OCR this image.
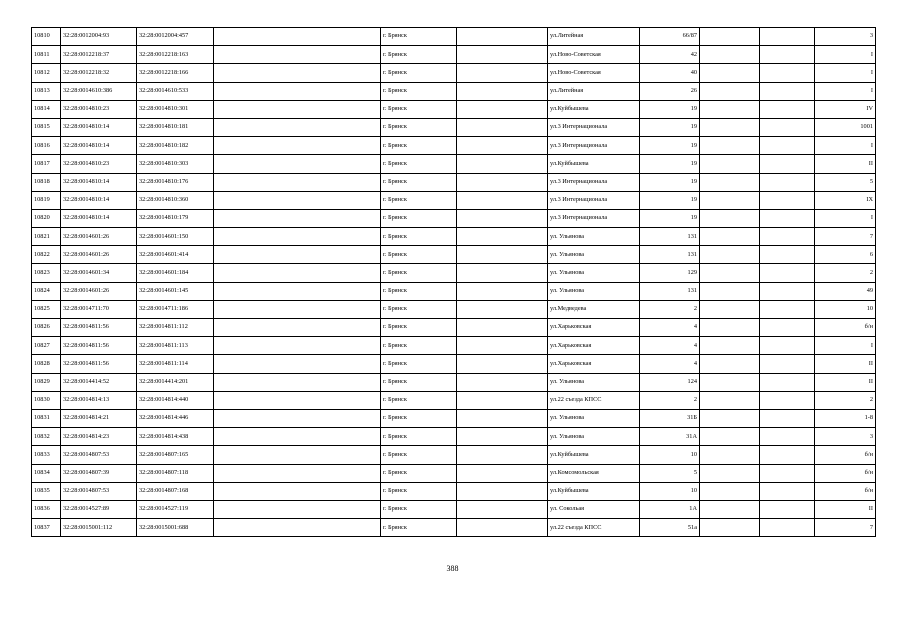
10810	32:28:0012004:93	32:28:0012004:457		г. Брянск		ул.Литейная	66/87			3
10811	32:28:0012218:37	32:28:0012218:163		г. Брянск		ул.Ново-Советская	42			I
10812	32:28:0012218:32	32:28:0012218:166		г. Брянск		ул.Ново-Советская	40			I
10813	32:28:0014610:386	32:28:0014610:533		г. Брянск		ул.Литейная	26			I
10814	32:28:0014810:23	32:28:0014810:301		г. Брянск		ул.Куйбышева	19			IV
10815	32:28:0014810:14	32:28:0014810:181		г. Брянск		ул.3 Интернационала	19			1001
10816	32:28:0014810:14	32:28:0014810:182		г. Брянск		ул.3 Интернационала	19			I
10817	32:28:0014810:23	32:28:0014810:303		г. Брянск		ул.Куйбышева	19			II
10818	32:28:0014810:14	32:28:0014810:176		г. Брянск		ул.3 Интернационала	19			5
10819	32:28:0014810:14	32:28:0014810:360		г. Брянск		ул.3 Интернационала	19			IX
10820	32:28:0014810:14	32:28:0014810:179		г. Брянск		ул.3 Интернационала	19			I
10821	32:28:0014601:26	32:28:0014601:150		г. Брянск		ул. Ульянова	131			7
10822	32:28:0014601:26	32:28:0014601:414		г. Брянск		ул. Ульянова	131			6
10823	32:28:0014601:34	32:28:0014601:184		г. Брянск		ул. Ульянова	129			2
10824	32:28:0014601:26	32:28:0014601:145		г. Брянск		ул. Ульянова	131			49
10825	32:28:0014711:70	32:28:0014711:186		г. Брянск		ул.Медведева	2			10
10826	32:28:0014811:56	32:28:0014811:112		г. Брянск		ул.Харьковская	4			б/н
10827	32:28:0014811:56	32:28:0014811:113		г. Брянск		ул.Харьковская	4			I
10828	32:28:0014811:56	32:28:0014811:114		г. Брянск		ул.Харьковская	4			II
10829	32:28:0014414:52	32:28:0014414:201		г. Брянск		ул. Ульянова	124			II
10830	32:28:0014814:13	32:28:0014814:440		г. Брянск		ул.22 съезда КПСС	2			2
10831	32:28:0014814:21	32:28:0014814:446		г. Брянск		ул. Ульянова	31Б			1-8
10832	32:28:0014814:23	32:28:0014814:438		г. Брянск		ул. Ульянова	31А			3
10833	32:28:0014807:53	32:28:0014807:165		г. Брянск		ул.Куйбышева	10			б/н
10834	32:28:0014807:39	32:28:0014807:118		г. Брянск		ул.Комсомольская	5			б/н
10835	32:28:0014807:53	32:28:0014807:168		г. Брянск		ул.Куйбышева	10			б/н
10836	32:28:0014527:89	32:28:0014527:119		г. Брянск		ул. Сокольая	1А			II
10837	32:28:0015001:112	32:28:0015001:688		г. Брянск		ул.22 съезда КПСС	51а			7
388
